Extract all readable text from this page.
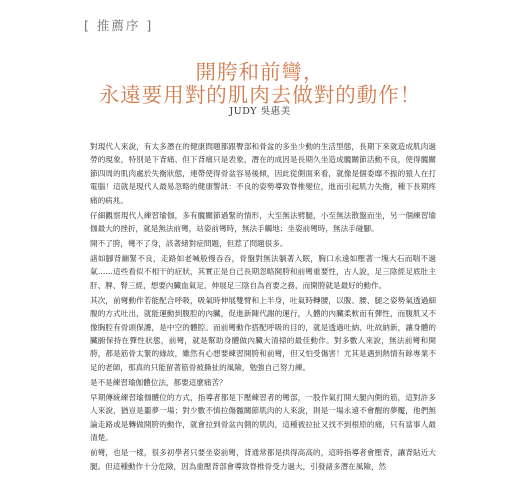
[ 推薦序 ]
開胯和前彎，
永遠要用對的肌肉去做對的動作！
JUDY 吳惠美

對現代人來說，有太多潛在的健康問題都跟臀部和骨盆的多坐少動的生活型態，長期下來就造成肌肉過勞的現象，特別是下背痛、但下背痛只是表象，潛在的成因是長期久坐造成髖關節活動不良，使得髖關節四周的肌肉處於失衡狀態，連帶使得骨盆容易後傾，因此從側面來看，就像是個委靡不振的猿人在打電腦！這就是現代人最易忽略的健康警訊：不良的姿勢導致脊椎變位，進而引起肌力失衡，種下長期疼痛的病兆。

仔細觀察現代人練習瑜伽，多有髖關節過緊的情形，大至無法劈腿，小至無法散盤而坐，另一個練習瑜伽最大的挫折，就是無法前彎，站姿前彎時，無法手觸地；坐姿前彎時，無法手碰腳。

開不了胯，彎不了身，該著緒對症問題，但惹了問題很多。

諸如腳背繃緊不良，走路如老喊般慢吞吞，骨盤對無法躺著入眠，胸口永遠如壓著一塊大石而喘不過氣……這些看似不相干的症狀，其實正是自己長期忽略開胯和前彎重要性，古人說，足三陰經足底肚主肝、脾、腎三經，想要內臟血氣足，伸展足三陰自為首要之務，而開胯就是最好的動作。

其次，前彎動作若能配合呼吸，吸氣時伸展雙臂和上半身，吐氣時轉腰，以腹、腰、腿之姿勢氣透過細腹的方式吐出，就能運動到腹腔的內臟，促進新陳代謝的運行，人體的內臟柔軟而有彈性，而腹肌又不像胸腔有骨頭保護，是中空的體腔。而前彎動作搭配呼吸的目的，就是透過吐納、吐故納新，讓身體的臟腑保持在彈性狀態，前彎，就是幫助身體做內臟大清掃的最佳動作。對多數人來說，無法前彎和開胯，都是筋骨太緊的緣故，雖然有心想要練習開胯和前彎，但又怕受傷害！尤其是遇到熱情有餘專業不足的老師，那真的只能留著筋骨被撕扯的風險，勉強自己努力練。

是不是練習瑜伽體位法，都要這麼痛苦？

早期傳統練習瑜伽體位的方式，指導者都是下壓練習者的彎部，一股作氣打開大腿內側的筋，這對許多人來說，猶豈是噩夢一場；對少數不慎拉傷髖關節肌肉的人來說，則是一場永遠不會醒的夢魘，他們無論走路或是轉做開胯的動作，就會拉到骨盆內側的肌肉，這種被拉扯又找不到根原的痛，只有當事人最清楚。

前彎，也是一樣，很多初學者只要坐姿前彎，背通常都是拱得高高的，這時指導者會壓背，讓背貼近大腿。但這種動作十分危險，因為重壓背部會導致脊椎骨受力過大，引發諸多潛在風險，然
